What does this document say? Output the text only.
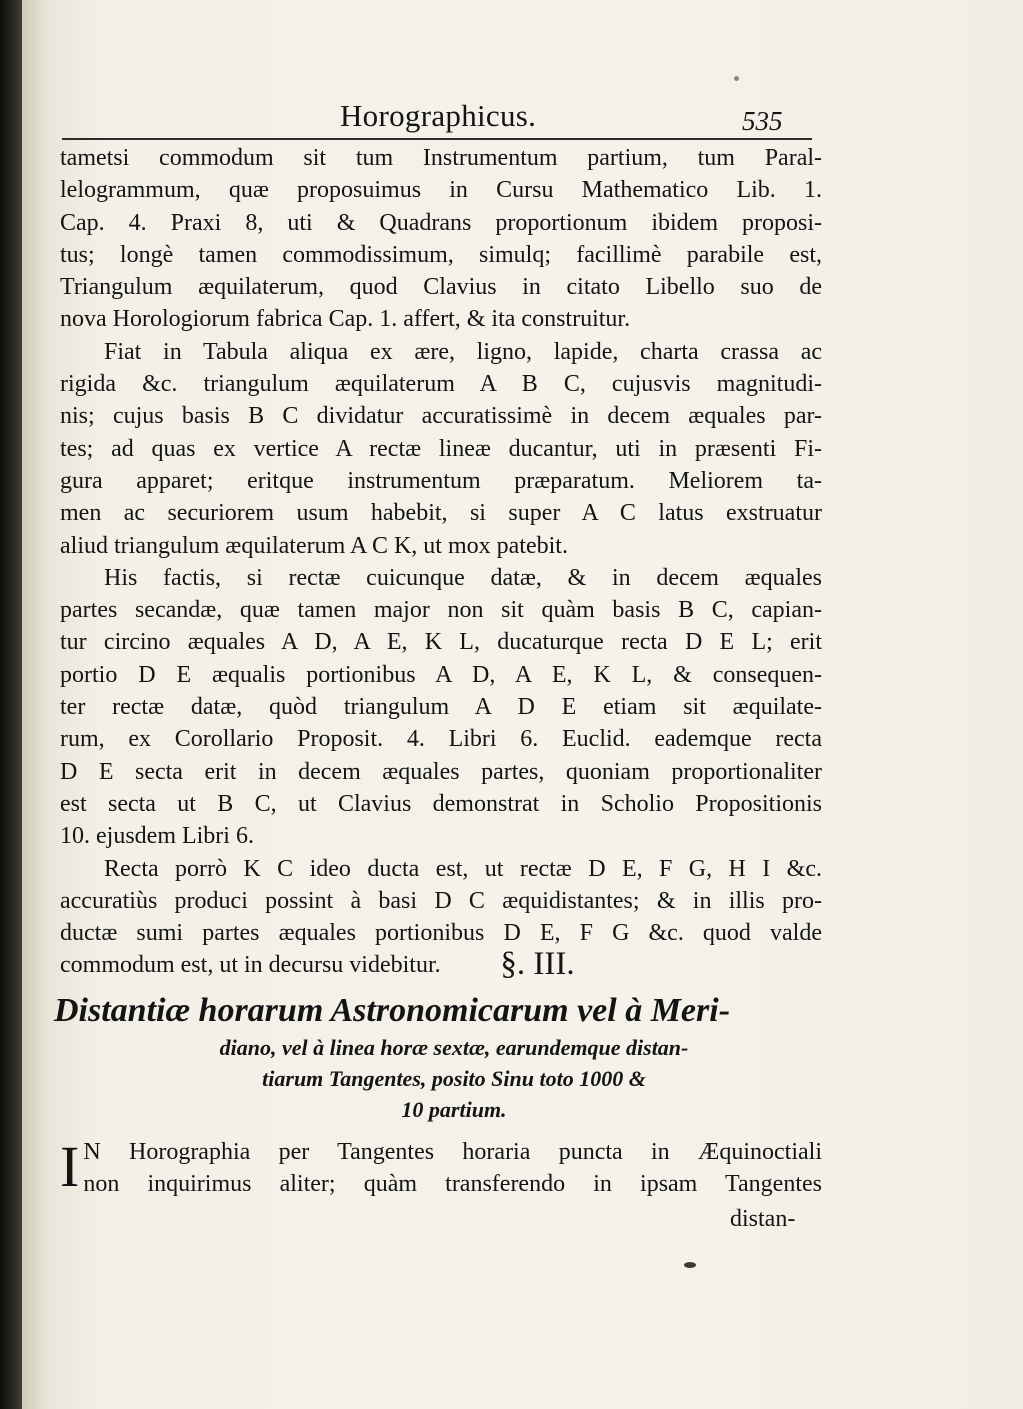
Horographicus.	535
tametsi commodum sit tum Instrumentum partium, tum Paral-
lelogrammum, quæ proposuimus in Cursu Mathematico Lib. 1.
Cap. 4. Praxi 8, uti & Quadrans proportionum ibidem proposi-
tus; longè tamen commodissimum, simulq; facillimè parabile est,
Triangulum æquilaterum, quod Clavius in citato Libello suo de
nova Horologiorum fabrica Cap. 1. affert, & ita construitur.
Fiat in Tabula aliqua ex ære, ligno, lapide, charta crassa ac
rigida &c. triangulum æquilaterum A B C, cujusvis magnitudi-
nis; cujus basis B C dividatur accuratissimè in decem æquales par-
tes; ad quas ex vertice A rectæ lineæ ducantur, uti in præsenti Fi-
gura apparet; eritque instrumentum præparatum. Meliorem ta-
men ac securiorem usum habebit, si super A C latus exstruatur
aliud triangulum æquilaterum A C K, ut mox patebit.
His factis, si rectæ cuicunque datæ, & in decem æquales
partes secandæ, quæ tamen major non sit quàm basis B C, capian-
tur circino æquales A D, A E, K L, ducaturque recta D E L; erit
portio D E æqualis portionibus A D, A E, K L, & consequen-
ter rectæ datæ, quòd triangulum A D E etiam sit æquilate-
rum, ex Corollario Proposit. 4. Libri 6. Euclid. eademque recta
D E secta erit in decem æquales partes, quoniam proportionaliter
est secta ut B C, ut Clavius demonstrat in Scholio Propositionis
10. ejusdem Libri 6.
Recta porrò K C ideo ducta est, ut rectæ D E, F G, H I &c.
accuratiùs produci possint à basi D C æquidistantes; & in illis pro-
ductæ sumi partes æquales portionibus D E, F G &c. quod valde
commodum est, ut in decursu videbitur.	§. III.
Distantiæ horarum Astronomicarum vel à Meri-
diano, vel à linea horæ sextæ, earundemque distan-
tiarum Tangentes, posito Sinu toto 1000 &
10 partium.
I N Horographia per Tangentes horaria puncta in Æquinoctiali
non inquirimus aliter; quàm transferendo in ipsam Tangentes
distan-
